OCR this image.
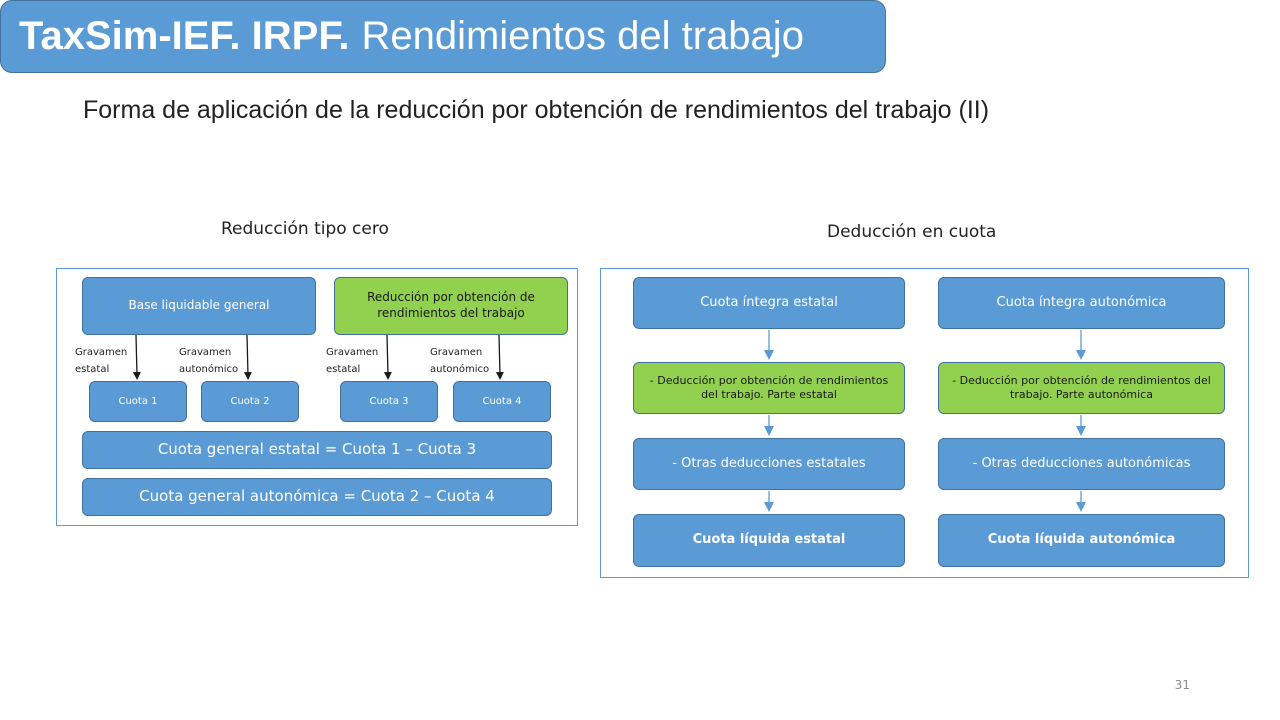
TaxSim-IEF. IRPF. Rendimientos del trabajo
Forma de aplicación de la reducción por obtención de rendimientos del trabajo (II)
Reducción tipo cero	Deducción en cuota
Base liquidable general
Reducción por obtención de rendimientos del trabajo
Gravamen
estatal
Gravamen
autonómico
Gravamen
estatal
Gravamen
autonómico
Cuota 1	Cuota 2	Cuota 3	Cuota 4
Cuota general estatal = Cuota 1 – Cuota 3
Cuota general autonómica = Cuota 2 – Cuota 4
Cuota íntegra estatal	Cuota íntegra autonómica
- Deducción por obtención de rendimientos del trabajo. Parte estatal
- Deducción por obtención de rendimientos del trabajo. Parte autonómica
- Otras deducciones estatales	- Otras deducciones autonómicas
Cuota líquida estatal	Cuota líquida autonómica
31
